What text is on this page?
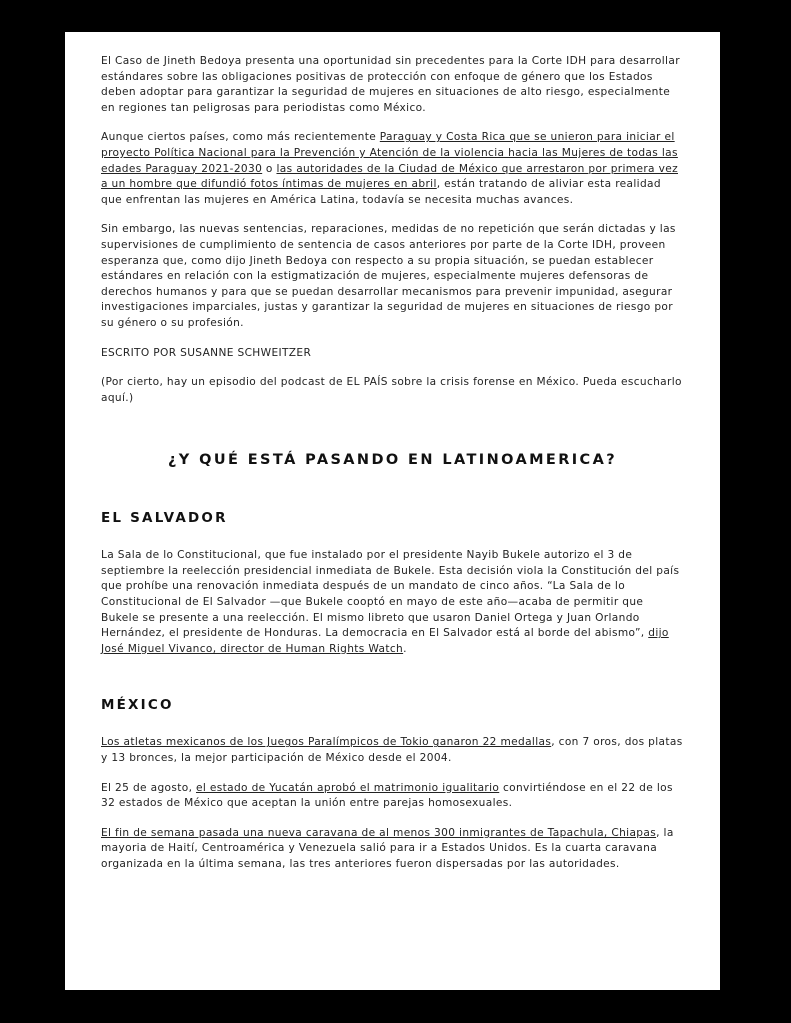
El Caso de Jineth Bedoya presenta una oportunidad sin precedentes para la Corte IDH para desarrollar estándares sobre las obligaciones positivas de protección con enfoque de género que los Estados deben adoptar para garantizar la seguridad de mujeres en situaciones de alto riesgo, especialmente en regiones tan peligrosas para periodistas como México.

Aunque ciertos países, como más recientemente Paraguay y Costa Rica que se unieron para iniciar el proyecto Política Nacional para la Prevención y Atención de la violencia hacia las Mujeres de todas las edades Paraguay 2021-2030 o las autoridades de la Ciudad de México que arrestaron por primera vez a un hombre que difundió fotos íntimas de mujeres en abril, están tratando de aliviar esta realidad que enfrentan las mujeres en América Latina, todavía se necesita muchas avances.

Sin embargo, las nuevas sentencias, reparaciones, medidas de no repetición que serán dictadas y las supervisiones de cumplimiento de sentencia de casos anteriores por parte de la Corte IDH, proveen esperanza que, como dijo Jineth Bedoya con respecto a su propia situación, se puedan establecer estándares en relación con la estigmatización de mujeres, especialmente mujeres defensoras de derechos humanos y para que se puedan desarrollar mecanismos para prevenir impunidad, asegurar investigaciones imparciales, justas y garantizar la seguridad de mujeres en situaciones de riesgo por su género o su profesión.

ESCRITO POR SUSANNE SCHWEITZER

(Por cierto, hay un episodio del podcast de EL PAÍS sobre la crisis forense en México. Pueda escucharlo aquí.)

¿Y QUÉ ESTÁ PASANDO EN LATINOAMERICA?
EL SALVADOR

La Sala de lo Constitucional, que fue instalado por el presidente Nayib Bukele autorizo el 3 de septiembre la reelección presidencial inmediata de Bukele. Esta decisión viola la Constitución del país que prohíbe una renovación inmediata después de un mandato de cinco años. “La Sala de lo Constitucional de El Salvador —que Bukele cooptó en mayo de este año—acaba de permitir que Bukele se presente a una reelección. El mismo libreto que usaron Daniel Ortega y Juan Orlando Hernández, el presidente de Honduras. La democracia en El Salvador está al borde del abismo”, dijo José Miguel Vivanco, director de Human Rights Watch.

MÉXICO

Los atletas mexicanos de los Juegos Paralímpicos de Tokio ganaron 22 medallas, con 7 oros, dos platas y 13 bronces, la mejor participación de México desde el 2004.

El 25 de agosto, el estado de Yucatán aprobó el matrimonio igualitario convirtiéndose en el 22 de los 32 estados de México que aceptan la unión entre parejas homosexuales.

El fin de semana pasada una nueva caravana de al menos 300 inmigrantes de Tapachula, Chiapas, la mayoria de Haití, Centroamérica y Venezuela salió para ir a Estados Unidos. Es la cuarta caravana organizada en la última semana, las tres anteriores fueron dispersadas por las autoridades.
